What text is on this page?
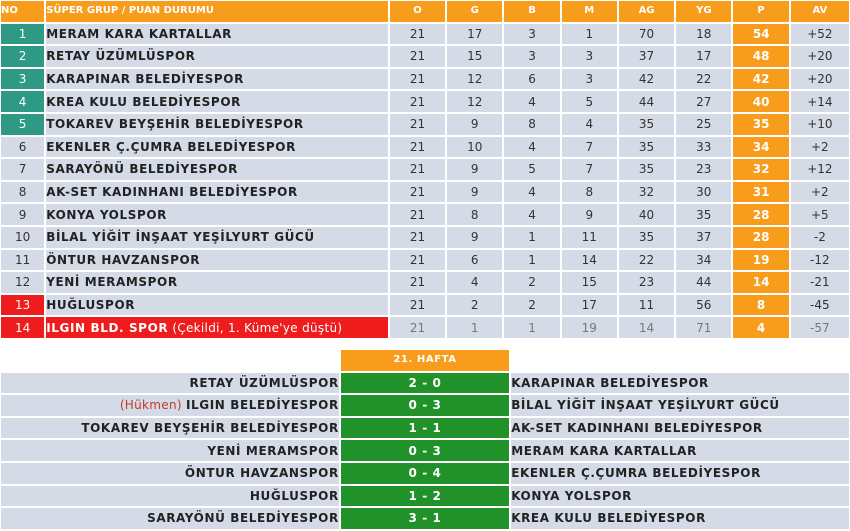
NO	SÜPER GRUP / PUAN DURUMU	O	G	B	M	AG	YG	P	AV
1	MERAM KARA KARTALLAR	21	17	3	1	70	18	54	+52
2	RETAY ÜZÜMLÜSPOR	21	15	3	3	37	17	48	+20
3	KARAPINAR BELEDİYESPOR	21	12	6	3	42	22	42	+20
4	KREA KULU BELEDİYESPOR	21	12	4	5	44	27	40	+14
5	TOKAREV BEYŞEHİR BELEDİYESPOR	21	9	8	4	35	25	35	+10
6	EKENLER Ç.ÇUMRA BELEDİYESPOR	21	10	4	7	35	33	34	+2
7	SARAYÖNÜ BELEDİYESPOR	21	9	5	7	35	23	32	+12
8	AK-SET KADINHANI BELEDİYESPOR	21	9	4	8	32	30	31	+2
9	KONYA YOLSPOR	21	8	4	9	40	35	28	+5
10	BİLAL YİĞİT İNŞAAT YEŞİLYURT GÜCÜ	21	9	1	11	35	37	28	-2
11	ÖNTUR HAVZANSPOR	21	6	1	14	22	34	19	-12
12	YENİ MERAMSPOR	21	4	2	15	23	44	14	-21
13	HUĞLUSPOR	21	2	2	17	11	56	8	-45
14	ILGIN BLD. SPOR (Çekildi, 1. Küme'ye düştü)	21	1	1	19	14	71	4	-57
	21. HAFTA	
RETAY ÜZÜMLÜSPOR	2 - 0	KARAPINAR BELEDİYESPOR
(Hükmen) ILGIN BELEDİYESPOR	0 - 3	BİLAL YİĞİT İNŞAAT YEŞİLYURT GÜCÜ
TOKAREV BEYŞEHİR BELEDİYESPOR	1 - 1	AK-SET KADINHANI BELEDİYESPOR
YENİ MERAMSPOR	0 - 3	MERAM KARA KARTALLAR
ÖNTUR HAVZANSPOR	0 - 4	EKENLER Ç.ÇUMRA BELEDİYESPOR
HUĞLUSPOR	1 - 2	KONYA YOLSPOR
SARAYÖNÜ BELEDİYESPOR	3 - 1	KREA KULU BELEDİYESPOR
